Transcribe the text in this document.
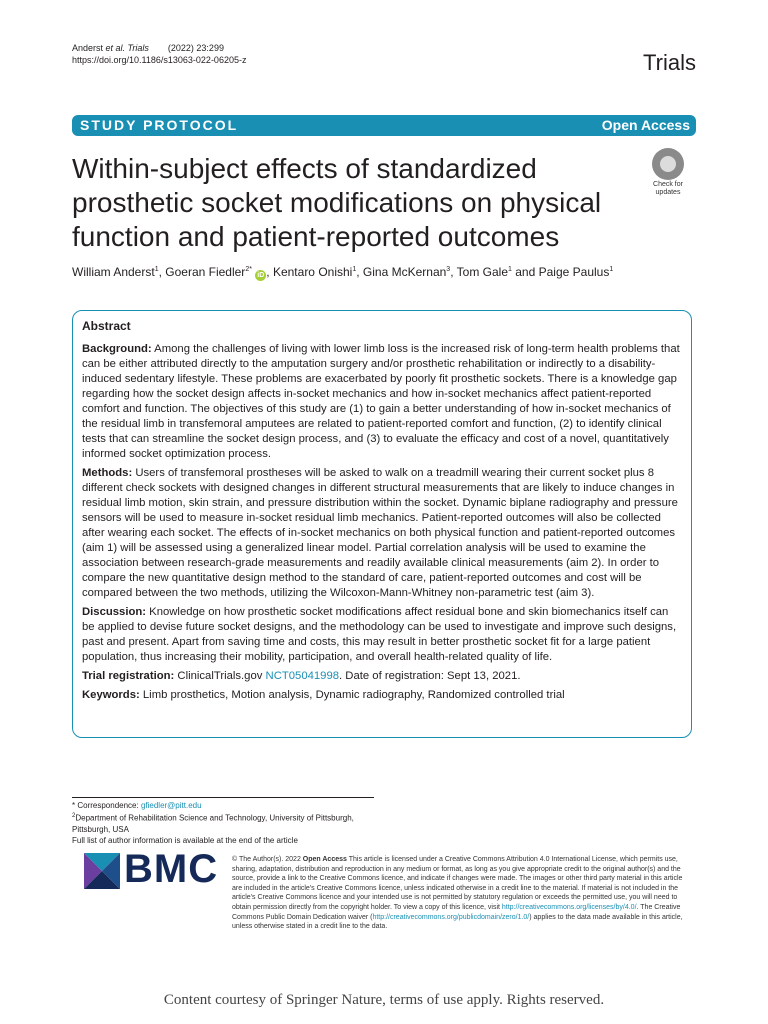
Anderst et al. Trials (2022) 23:299
https://doi.org/10.1186/s13063-022-06205-z	Trials
STUDY PROTOCOL	Open Access
Within-subject effects of standardized prosthetic socket modifications on physical function and patient-reported outcomes
Check for
updates
William Anderst$^1$, Goeran Fiedler$^{2*}$ iD , Kentaro Onishi$^1$, Gina McKernan$^3$, Tom Gale$^1$ and Paige Paulus$^1$
Abstract

Background: Among the challenges of living with lower limb loss is the increased risk of long-term health problems that can be either attributed directly to the amputation surgery and/or prosthetic rehabilitation or indirectly to a disability-induced sedentary lifestyle. These problems are exacerbated by poorly fit prosthetic sockets. There is a knowledge gap regarding how the socket design affects in-socket mechanics and how in-socket mechanics affect patient-reported comfort and function. The objectives of this study are (1) to gain a better understanding of how in-socket mechanics of the residual limb in transfemoral amputees are related to patient-reported comfort and function, (2) to identify clinical tests that can streamline the socket design process, and (3) to evaluate the efficacy and cost of a novel, quantitatively informed socket optimization process.

Methods: Users of transfemoral prostheses will be asked to walk on a treadmill wearing their current socket plus 8 different check sockets with designed changes in different structural measurements that are likely to induce changes in residual limb motion, skin strain, and pressure distribution within the socket. Dynamic biplane radiography and pressure sensors will be used to measure in-socket residual limb mechanics. Patient-reported outcomes will also be collected after wearing each socket. The effects of in-socket mechanics on both physical function and patient-reported outcomes (aim 1) will be assessed using a generalized linear model. Partial correlation analysis will be used to examine the association between research-grade measurements and readily available clinical measurements (aim 2). In order to compare the new quantitative design method to the standard of care, patient-reported outcomes and cost will be compared between the two methods, utilizing the Wilcoxon-Mann-Whitney non-parametric test (aim 3).

Discussion: Knowledge on how prosthetic socket modifications affect residual bone and skin biomechanics itself can be applied to devise future socket designs, and the methodology can be used to investigate and improve such designs, past and present. Apart from saving time and costs, this may result in better prosthetic socket fit for a large patient population, thus increasing their mobility, participation, and overall health-related quality of life.

Trial registration: ClinicalTrials.gov NCT05041998. Date of registration: Sept 13, 2021.

Keywords: Limb prosthetics, Motion analysis, Dynamic radiography, Randomized controlled trial

* Correspondence: gfiedler@pitt.edu
$^2$Department of Rehabilitation Science and Technology, University of Pittsburgh, Pittsburgh, USA
Full list of author information is available at the end of the article
BMC © The Author(s). 2022 Open Access This article is licensed under a Creative Commons Attribution 4.0 International License, which permits use, sharing, adaptation, distribution and reproduction in any medium or format, as long as you give appropriate credit to the original author(s) and the source, provide a link to the Creative Commons licence, and indicate if changes were made. The images or other third party material in this article are included in the article's Creative Commons licence, unless indicated otherwise in a credit line to the material. If material is not included in the article's Creative Commons licence and your intended use is not permitted by statutory regulation or exceeds the permitted use, you will need to obtain permission directly from the copyright holder. To view a copy of this licence, visit http://creativecommons.org/licenses/by/4.0/. The Creative Commons Public Domain Dedication waiver (http://creativecommons.org/publicdomain/zero/1.0/) applies to the data made available in this article, unless otherwise stated in a credit line to the data.
Content courtesy of Springer Nature, terms of use apply. Rights reserved.
